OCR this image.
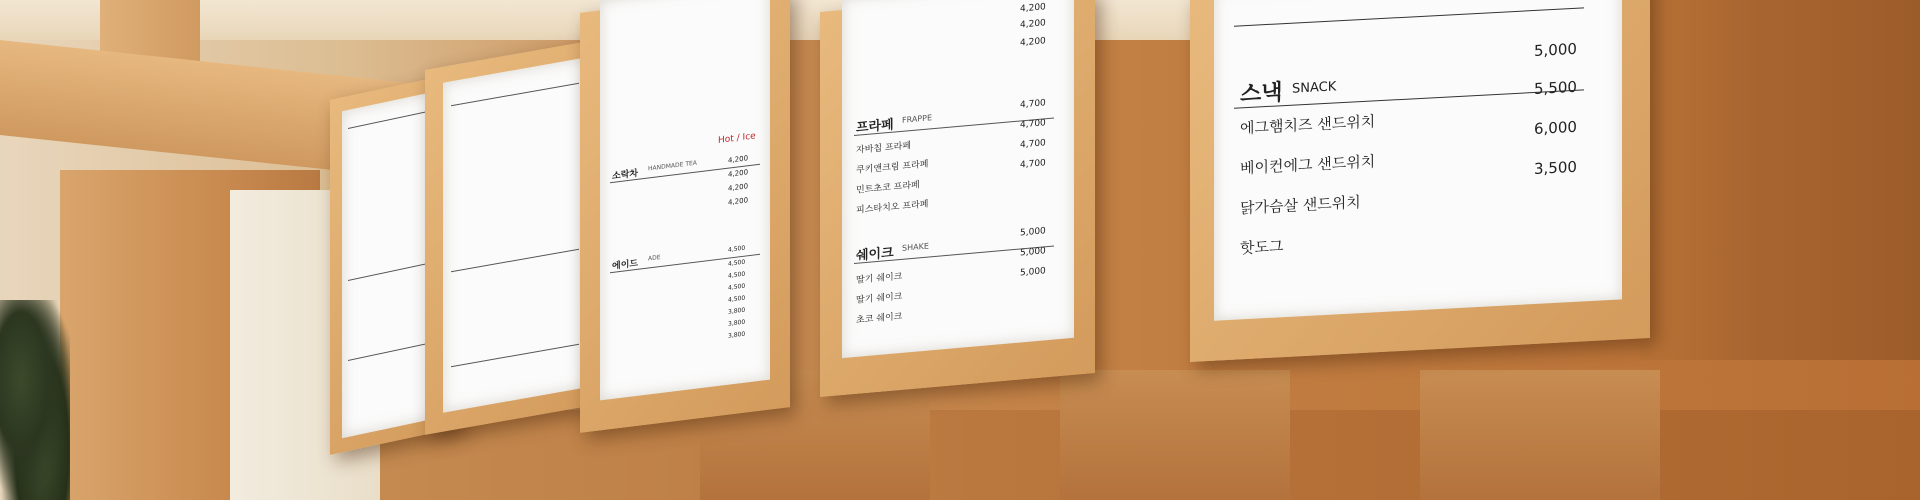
Hot / Ice
소락차
HANDMADE TEA
4,200
4,200
4,200
4,200
에이드
ADE
4,500
4,500
4,500
4,500
4,500
3,800
3,800
3,800
4,200
4,200
4,200
프라페 FRAPPE
자바칩 프라페
4,700
쿠키앤크림 프라페
4,700
민트초코 프라페
4,700
피스타치오 프라페
4,700
쉐이크 SHAKE
딸기 쉐이크
5,000
딸기 쉐이크
5,000
초코 쉐이크
5,000
스낵 SNACK
5,000
에그햄치즈 샌드위치
5,500
베이컨에그 샌드위치
6,000
닭가슴살 샌드위치
3,500
핫도그
